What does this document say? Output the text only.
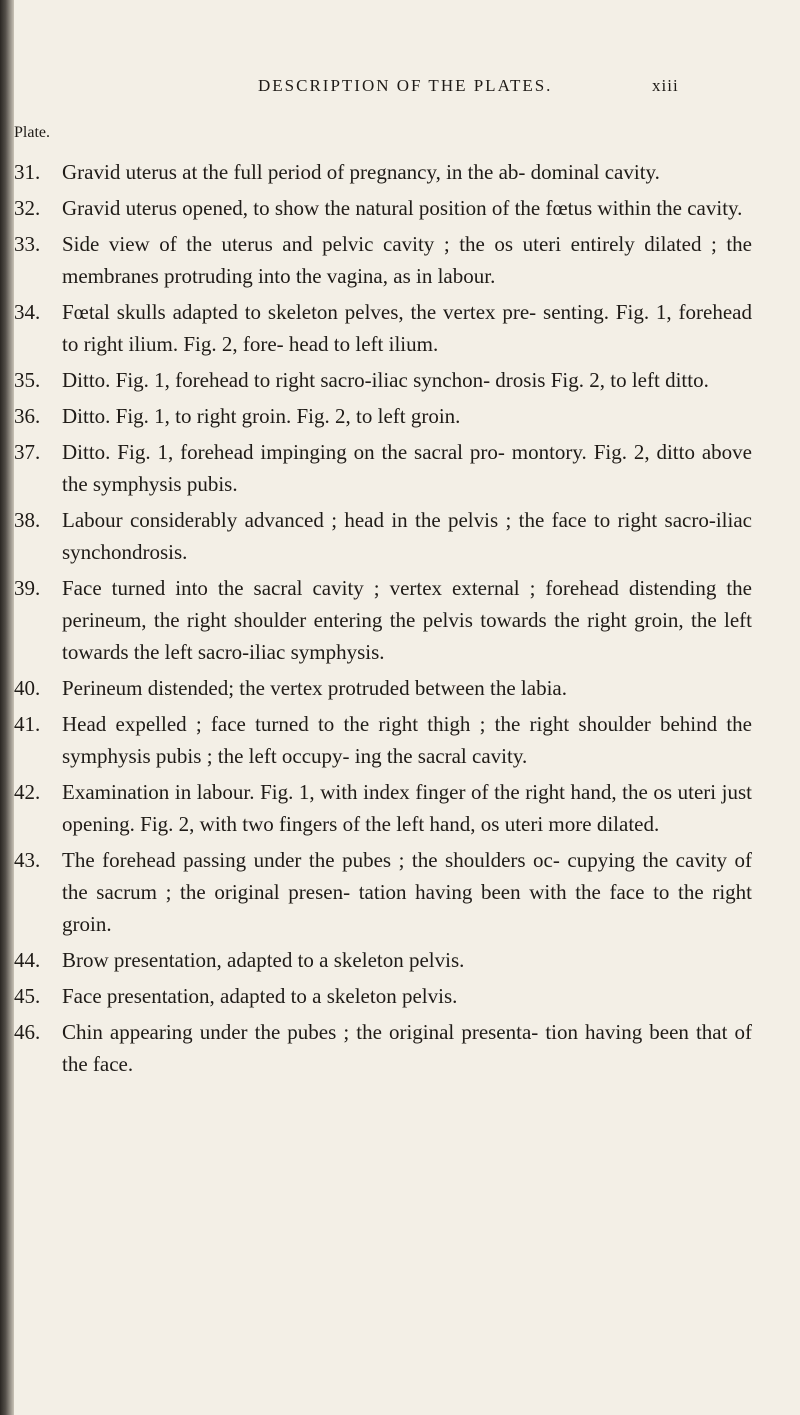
DESCRIPTION OF THE PLATES.	xiii
Plate.
31. Gravid uterus at the full period of pregnancy, in the ab- dominal cavity.
32. Gravid uterus opened, to show the natural position of the fœtus within the cavity.
33. Side view of the uterus and pelvic cavity ; the os uteri entirely dilated ; the membranes protruding into the vagina, as in labour.
34. Fœtal skulls adapted to skeleton pelves, the vertex pre- senting. Fig. 1, forehead to right ilium. Fig. 2, fore- head to left ilium.
35. Ditto. Fig. 1, forehead to right sacro-iliac synchon- drosis Fig. 2, to left ditto.
36. Ditto. Fig. 1, to right groin. Fig. 2, to left groin.
37. Ditto. Fig. 1, forehead impinging on the sacral pro- montory. Fig. 2, ditto above the symphysis pubis.
38. Labour considerably advanced ; head in the pelvis ; the face to right sacro-iliac synchondrosis.
39. Face turned into the sacral cavity ; vertex external ; forehead distending the perineum, the right shoulder entering the pelvis towards the right groin, the left towards the left sacro-iliac symphysis.
40. Perineum distended; the vertex protruded between the labia.
41. Head expelled ; face turned to the right thigh ; the right shoulder behind the symphysis pubis ; the left occupy- ing the sacral cavity.
42. Examination in labour. Fig. 1, with index finger of the right hand, the os uteri just opening. Fig. 2, with two fingers of the left hand, os uteri more dilated.
43. The forehead passing under the pubes ; the shoulders oc- cupying the cavity of the sacrum ; the original presen- tation having been with the face to the right groin.
44. Brow presentation, adapted to a skeleton pelvis.
45. Face presentation, adapted to a skeleton pelvis.
46. Chin appearing under the pubes ; the original presenta- tion having been that of the face.
